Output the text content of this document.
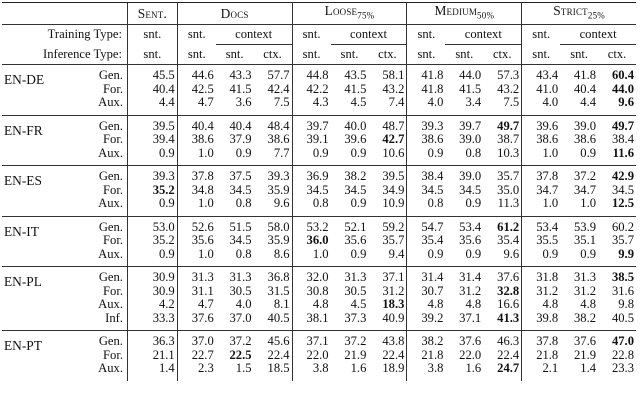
		Sent.	Docs			Loose$_{75\%}$			Medium$_{50\%}$			Strict$_{25\%}$
Training Type:		snt.	snt.	context		snt.	context		snt.	context		snt.	context	
Inference Type:		snt.	snt.	snt.	ctx.	snt.	snt.	ctx.	snt.	snt.	ctx.	snt.	snt.	ctx.
EN-DE	Gen.	45.5	44.6	43.3	57.7	44.8	43.5	58.1	41.8	44.0	57.3	43.4	41.8	60.4
	For.	40.4	42.5	41.5	42.4	42.2	41.5	43.2	41.8	41.5	43.2	41.0	40.4	44.0
	Aux.	4.4	4.7	3.6	7.5	4.3	4.5	7.4	4.0	3.4	7.5	4.0	4.4	9.6
EN-FR	Gen.	39.5	40.4	40.4	48.4	39.7	40.0	48.7	39.3	39.7	49.7	39.6	39.0	49.7
	For.	39.4	38.6	37.9	38.6	39.1	39.6	42.7	38.6	39.0	38.7	38.6	38.6	38.4
	Aux.	0.9	1.0	0.9	7.7	0.9	0.9	10.6	0.9	0.8	10.3	1.0	0.9	11.6
EN-ES	Gen.	39.3	37.8	37.5	39.3	36.9	38.2	39.5	38.4	39.0	35.7	37.8	37.2	42.9
	For.	35.2	34.8	34.5	35.9	34.5	34.5	34.9	34.5	34.5	35.0	34.7	34.7	34.5
	Aux.	0.9	1.0	0.8	9.6	0.8	0.9	10.9	0.8	0.9	11.3	1.0	1.0	12.5
EN-IT	Gen.	53.0	52.6	51.5	58.0	53.2	52.1	59.2	54.7	53.4	61.2	53.4	53.9	60.2
	For.	35.2	35.6	34.5	35.9	36.0	35.6	35.7	35.4	35.6	35.4	35.5	35.1	35.7
	Aux.	0.9	1.0	0.8	8.6	1.0	0.9	9.4	0.9	0.9	9.6	0.9	0.9	9.9
EN-PL	Gen.	30.9	31.3	31.3	36.8	32.0	31.3	37.1	31.4	31.4	37.6	31.8	31.3	38.5
	For.	30.9	31.1	30.5	31.5	30.8	30.5	31.2	30.7	31.2	32.8	31.2	31.2	31.6
	Aux.	4.2	4.7	4.0	8.1	4.8	4.5	18.3	4.8	4.8	16.6	4.8	4.8	9.8
	Inf.	33.3	37.6	37.0	40.5	38.1	37.3	40.9	39.2	37.1	41.3	39.8	38.2	40.5
EN-PT	Gen.	36.3	37.0	37.2	45.6	37.1	37.2	43.8	38.2	37.6	46.3	37.8	37.6	47.0
	For.	21.1	22.7	22.5	22.4	22.0	21.9	22.4	21.8	22.0	22.4	21.8	21.9	22.8
	Aux.	1.4	2.3	1.5	18.5	3.8	1.6	18.9	3.8	1.6	24.7	2.1	1.4	23.3
